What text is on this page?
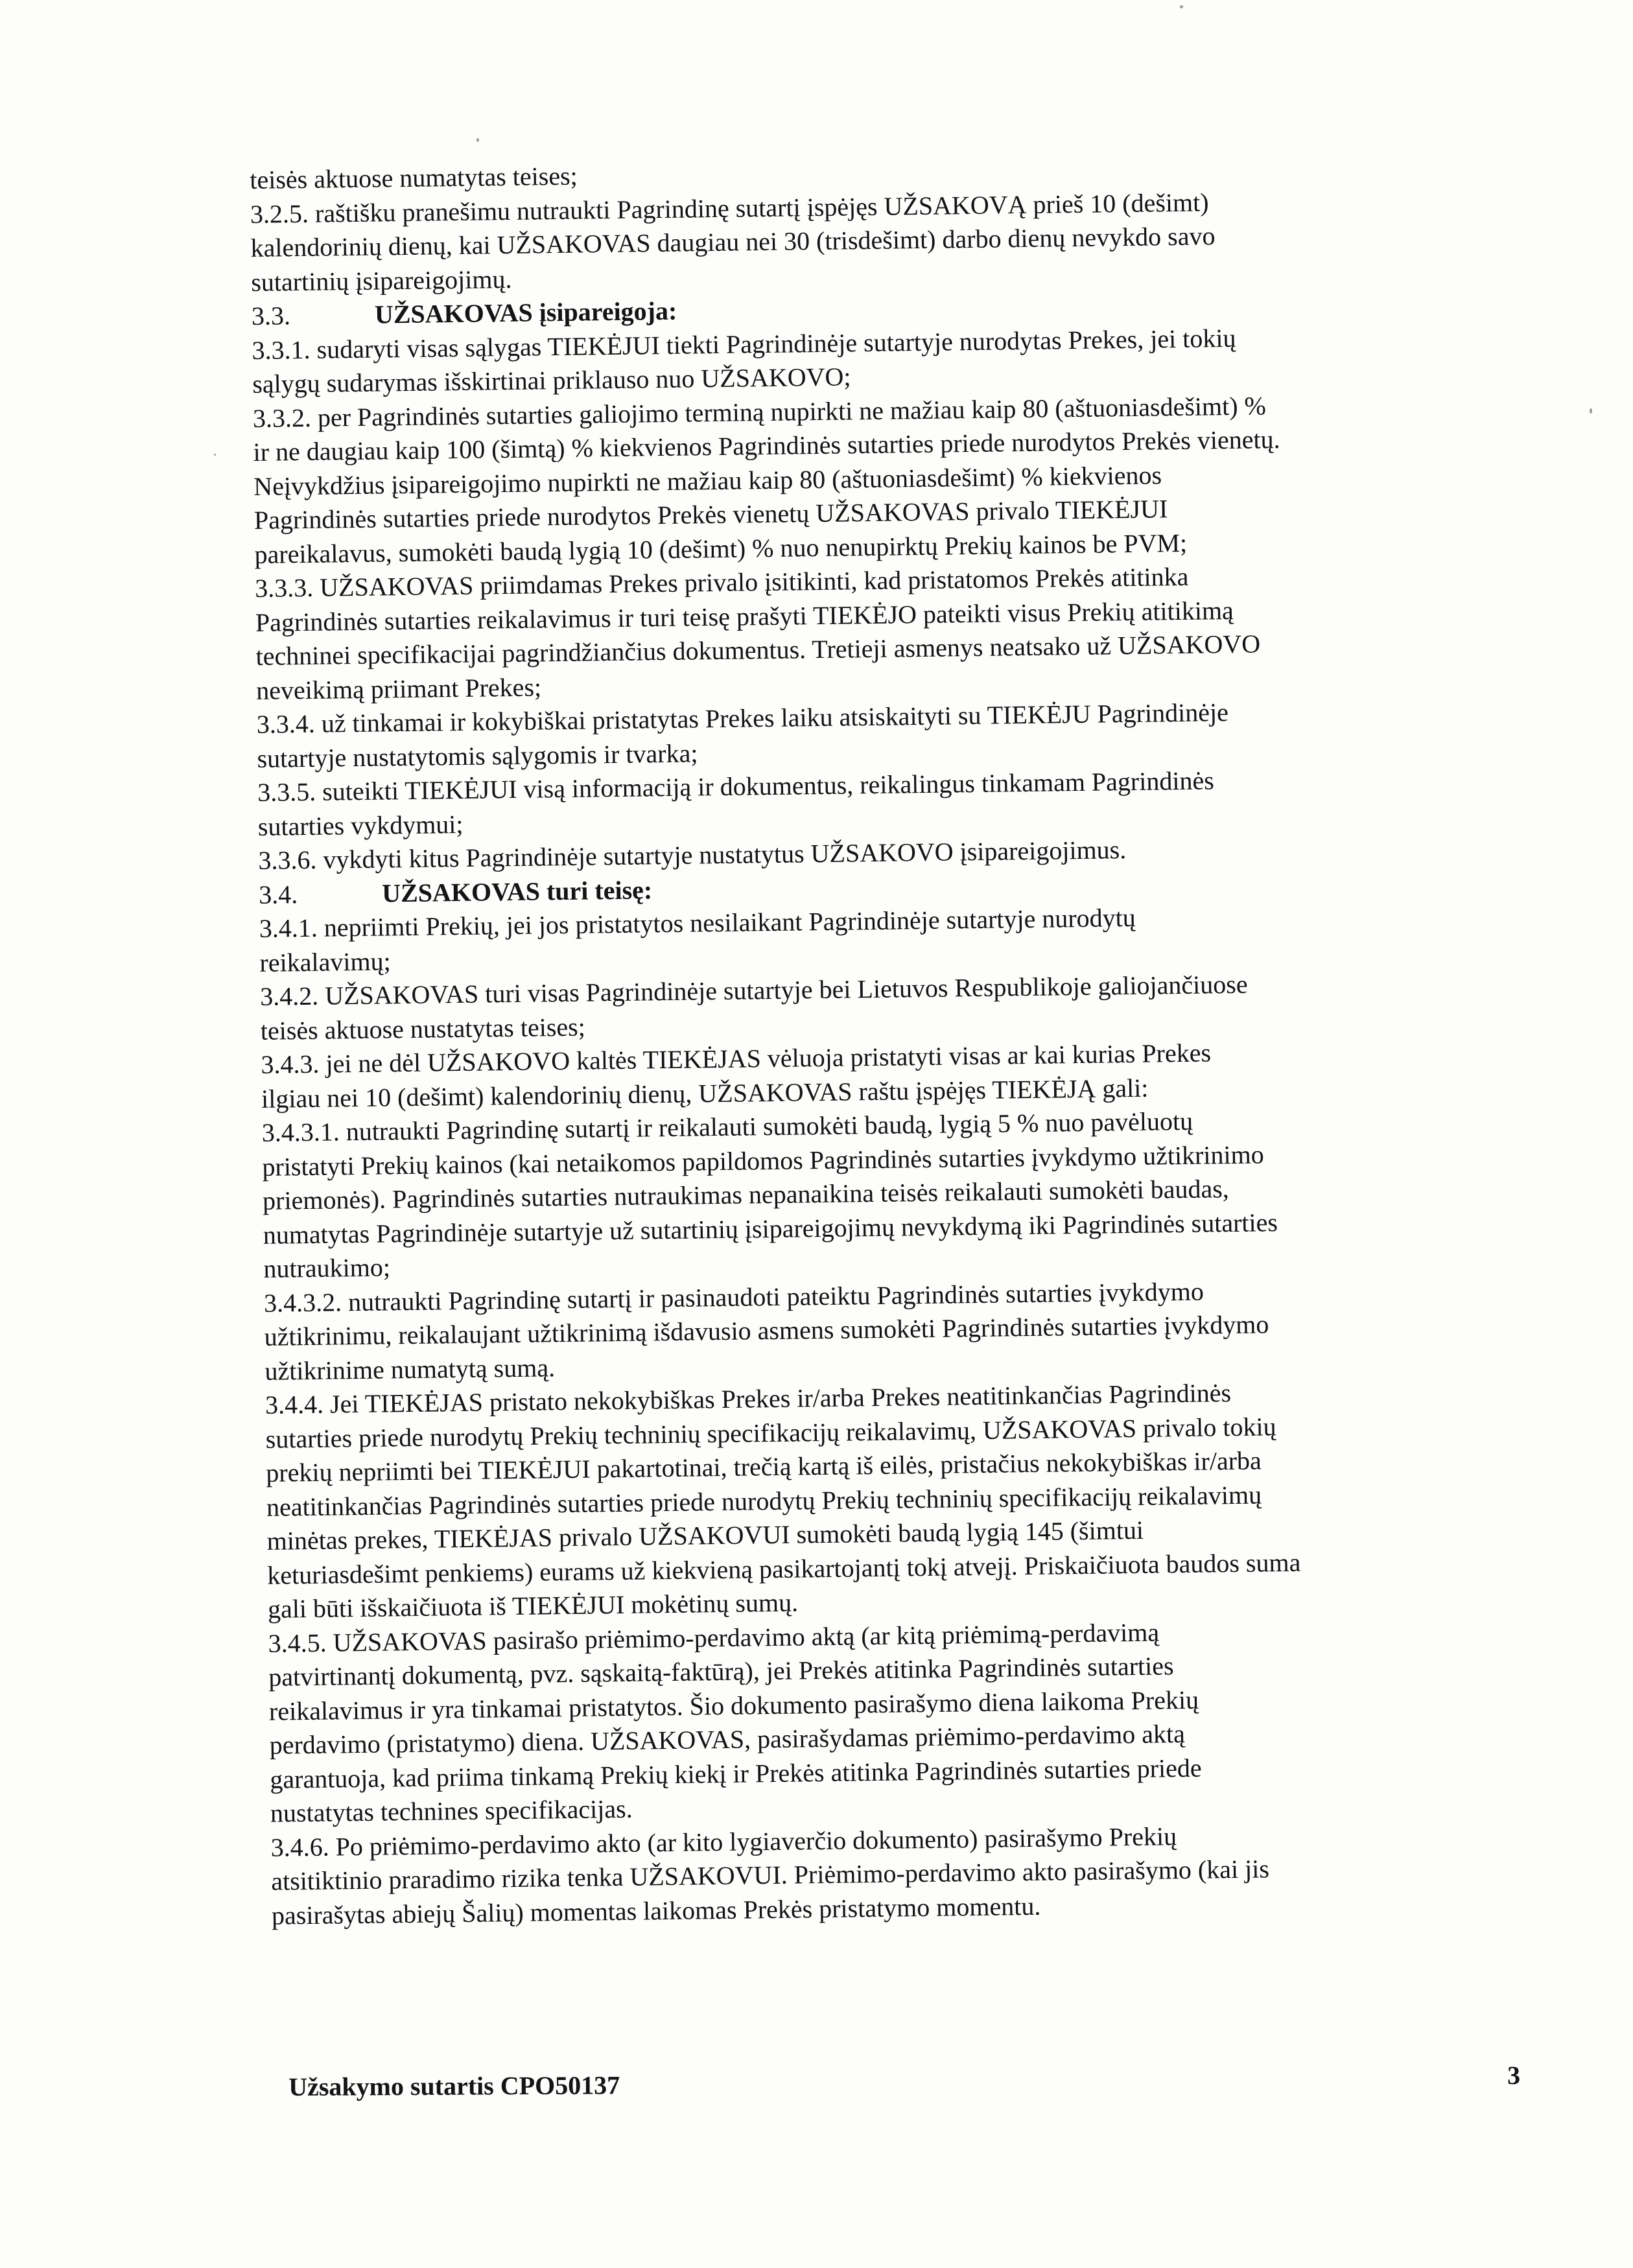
teisės aktuose numatytas teises;
3.2.5. raštišku pranešimu nutraukti Pagrindinę sutartį įspėjęs UŽSAKOVĄ prieš 10 (dešimt)
kalendorinių dienų, kai UŽSAKOVAS daugiau nei 30 (trisdešimt) darbo dienų nevykdo savo
sutartinių įsipareigojimų.
3.3.	UŽSAKOVAS įsipareigoja:
3.3.1. sudaryti visas sąlygas TIEKĖJUI tiekti Pagrindinėje sutartyje nurodytas Prekes, jei tokių
sąlygų sudarymas išskirtinai priklauso nuo UŽSAKOVO;
3.3.2. per Pagrindinės sutarties galiojimo terminą nupirkti ne mažiau kaip 80 (aštuoniasdešimt) %
ir ne daugiau kaip 100 (šimtą) % kiekvienos Pagrindinės sutarties priede nurodytos Prekės vienetų.
Neįvykdžius įsipareigojimo nupirkti ne mažiau kaip 80 (aštuoniasdešimt) % kiekvienos
Pagrindinės sutarties priede nurodytos Prekės vienetų UŽSAKOVAS privalo TIEKĖJUI
pareikalavus, sumokėti baudą lygią 10 (dešimt) % nuo nenupirktų Prekių kainos be PVM;
3.3.3. UŽSAKOVAS priimdamas Prekes privalo įsitikinti, kad pristatomos Prekės atitinka
Pagrindinės sutarties reikalavimus ir turi teisę prašyti TIEKĖJO pateikti visus Prekių atitikimą
techninei specifikacijai pagrindžiančius dokumentus. Tretieji asmenys neatsako už UŽSAKOVO
neveikimą priimant Prekes;
3.3.4. už tinkamai ir kokybiškai pristatytas Prekes laiku atsiskaityti su TIEKĖJU Pagrindinėje
sutartyje nustatytomis sąlygomis ir tvarka;
3.3.5. suteikti TIEKĖJUI visą informaciją ir dokumentus, reikalingus tinkamam Pagrindinės
sutarties vykdymui;
3.3.6. vykdyti kitus Pagrindinėje sutartyje nustatytus UŽSAKOVO įsipareigojimus.
3.4.	UŽSAKOVAS turi teisę:
3.4.1. nepriimti Prekių, jei jos pristatytos nesilaikant Pagrindinėje sutartyje nurodytų
reikalavimų;
3.4.2. UŽSAKOVAS turi visas Pagrindinėje sutartyje bei Lietuvos Respublikoje galiojančiuose
teisės aktuose nustatytas teises;
3.4.3. jei ne dėl UŽSAKOVO kaltės TIEKĖJAS vėluoja pristatyti visas ar kai kurias Prekes
ilgiau nei 10 (dešimt) kalendorinių dienų, UŽSAKOVAS raštu įspėjęs TIEKĖJĄ gali:
3.4.3.1. nutraukti Pagrindinę sutartį ir reikalauti sumokėti baudą, lygią 5 % nuo pavėluotų
pristatyti Prekių kainos (kai netaikomos papildomos Pagrindinės sutarties įvykdymo užtikrinimo
priemonės). Pagrindinės sutarties nutraukimas nepanaikina teisės reikalauti sumokėti baudas,
numatytas Pagrindinėje sutartyje už sutartinių įsipareigojimų nevykdymą iki Pagrindinės sutarties
nutraukimo;
3.4.3.2. nutraukti Pagrindinę sutartį ir pasinaudoti pateiktu Pagrindinės sutarties įvykdymo
užtikrinimu, reikalaujant užtikrinimą išdavusio asmens sumokėti Pagrindinės sutarties įvykdymo
užtikrinime numatytą sumą.
3.4.4. Jei TIEKĖJAS pristato nekokybiškas Prekes ir/arba Prekes neatitinkančias Pagrindinės
sutarties priede nurodytų Prekių techninių specifikacijų reikalavimų, UŽSAKOVAS privalo tokių
prekių nepriimti bei TIEKĖJUI pakartotinai, trečią kartą iš eilės, pristačius nekokybiškas ir/arba
neatitinkančias Pagrindinės sutarties priede nurodytų Prekių techninių specifikacijų reikalavimų
minėtas prekes, TIEKĖJAS privalo UŽSAKOVUI sumokėti baudą lygią 145 (šimtui
keturiasdešimt penkiems) eurams už kiekvieną pasikartojantį tokį atvejį. Priskaičiuota baudos suma
gali būti išskaičiuota iš TIEKĖJUI mokėtinų sumų.
3.4.5. UŽSAKOVAS pasirašo priėmimo-perdavimo aktą (ar kitą priėmimą-perdavimą
patvirtinantį dokumentą, pvz. sąskaitą-faktūrą), jei Prekės atitinka Pagrindinės sutarties
reikalavimus ir yra tinkamai pristatytos. Šio dokumento pasirašymo diena laikoma Prekių
perdavimo (pristatymo) diena. UŽSAKOVAS, pasirašydamas priėmimo-perdavimo aktą
garantuoja, kad priima tinkamą Prekių kiekį ir Prekės atitinka Pagrindinės sutarties priede
nustatytas technines specifikacijas.
3.4.6. Po priėmimo-perdavimo akto (ar kito lygiaverčio dokumento) pasirašymo Prekių
atsitiktinio praradimo rizika tenka UŽSAKOVUI. Priėmimo-perdavimo akto pasirašymo (kai jis
pasirašytas abiejų Šalių) momentas laikomas Prekės pristatymo momentu.
Užsakymo sutartis CPO50137	3
